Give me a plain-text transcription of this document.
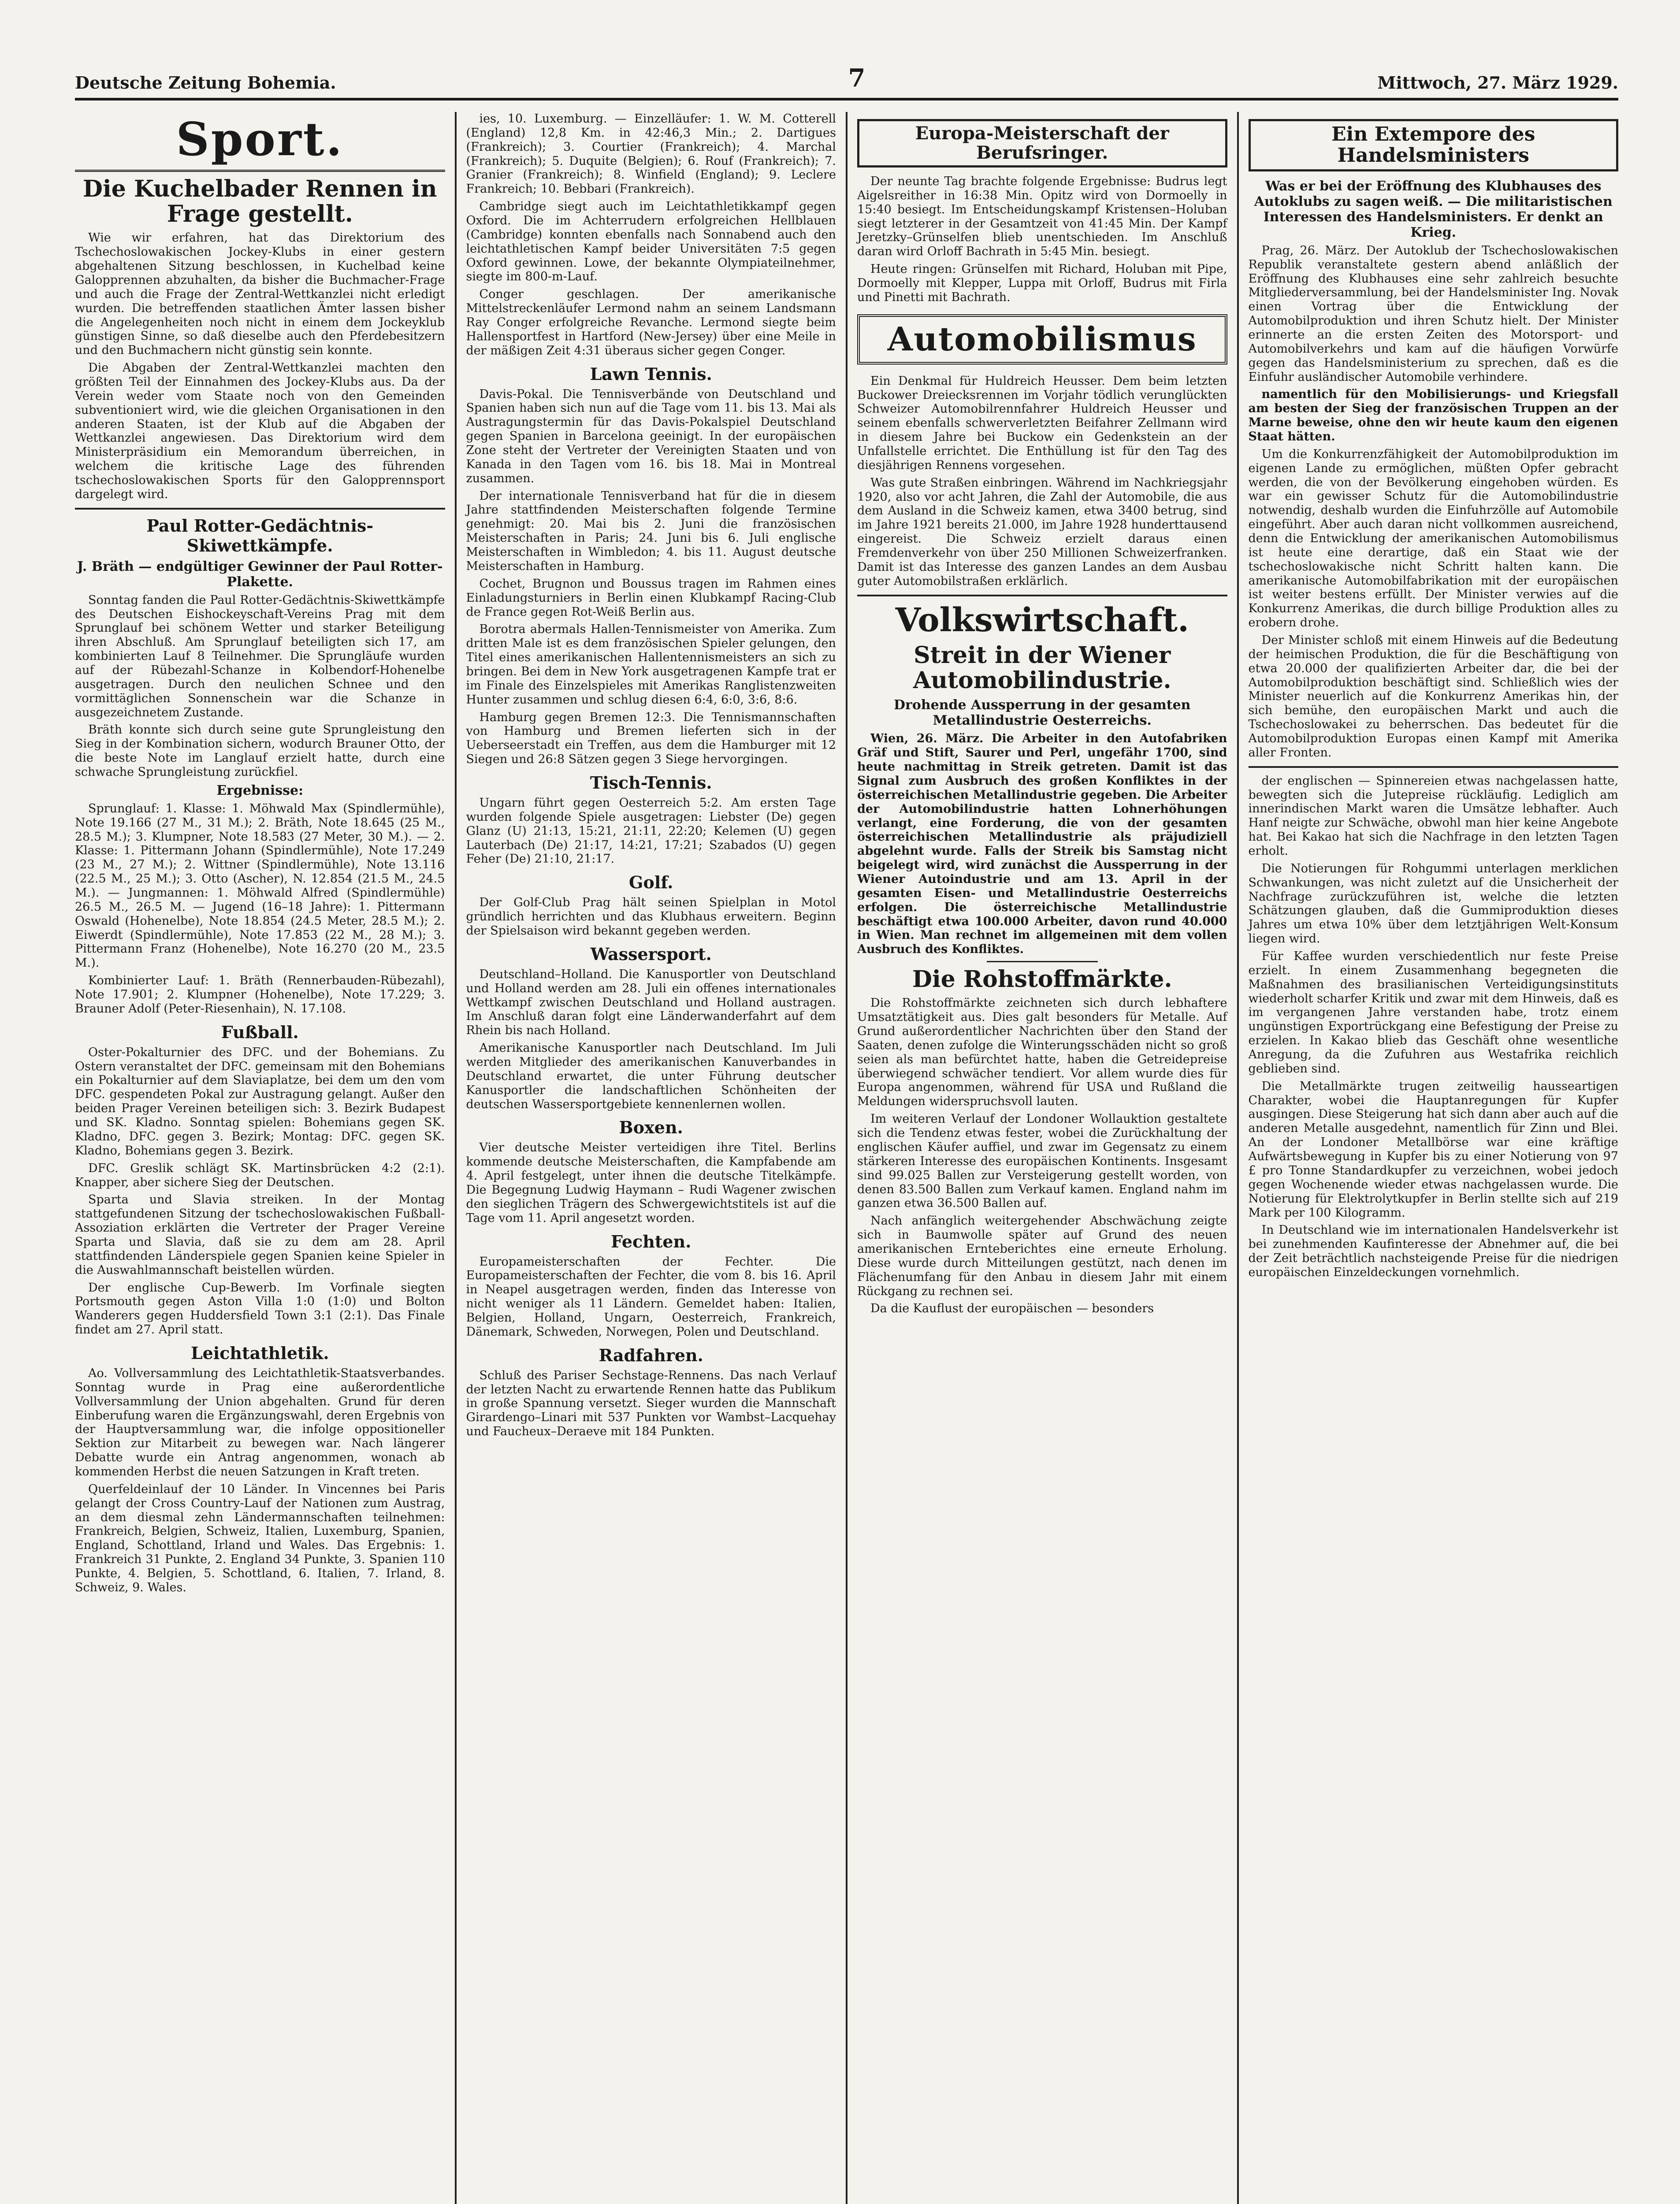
Deutsche Zeitung Bohemia.	7	Mittwoch, 27. März 1929.
Sport.
Die Kuchelbader Rennen in Frage gestellt.

Wie wir erfahren, hat das Direktorium des Tschechoslowakischen Jockey-Klubs in einer gestern abgehaltenen Sitzung beschlossen, in Kuchelbad keine Galopprennen abzuhalten, da bisher die Buchmacher-Frage und auch die Frage der Zentral-Wettkanzlei nicht erledigt wurden. Die betreffenden staatlichen Ämter lassen bisher die Angelegenheiten noch nicht in einem dem Jockeyklub günstigen Sinne, so daß dieselbe auch den Pferdebesitzern und den Buchmachern nicht günstig sein konnte.

Die Abgaben der Zentral-Wettkanzlei machten den größten Teil der Einnahmen des Jockey-Klubs aus. Da der Verein weder vom Staate noch von den Gemeinden subventioniert wird, wie die gleichen Organisationen in den anderen Staaten, ist der Klub auf die Abgaben der Wettkanzlei angewiesen. Das Direktorium wird dem Ministerpräsidium ein Memorandum überreichen, in welchem die kritische Lage des führenden tschechoslowakischen Sports für den Galopprennsport dargelegt wird.

Paul Rotter-Gedächtnis-Skiwettkämpfe.
J. Bräth — endgültiger Gewinner der Paul Rotter-Plakette.

Sonntag fanden die Paul Rotter-Gedächtnis-Skiwettkämpfe des Deutschen Eishockeyschaft-Vereins Prag mit dem Sprunglauf bei schönem Wetter und starker Beteiligung ihren Abschluß. Am Sprunglauf beteiligten sich 17, am kombinierten Lauf 8 Teilnehmer. Die Sprungläufe wurden auf der Rübezahl-Schanze in Kolbendorf-Hohenelbe ausgetragen. Durch den neulichen Schnee und den vormittäglichen Sonnenschein war die Schanze in ausgezeichnetem Zustande.

Bräth konnte sich durch seine gute Sprungleistung den Sieg in der Kombination sichern, wodurch Brauner Otto, der die beste Note im Langlauf erzielt hatte, durch eine schwache Sprungleistung zurückfiel.

Ergebnisse:

Sprunglauf: 1. Klasse: 1. Möhwald Max (Spindlermühle), Note 19.166 (27 M., 31 M.); 2. Bräth, Note 18.645 (25 M., 28.5 M.); 3. Klumpner, Note 18.583 (27 Meter, 30 M.). — 2. Klasse: 1. Pittermann Johann (Spindlermühle), Note 17.249 (23 M., 27 M.); 2. Wittner (Spindlermühle), Note 13.116 (22.5 M., 25 M.); 3. Otto (Ascher), N. 12.854 (21.5 M., 24.5 M.). — Jungmannen: 1. Möhwald Alfred (Spindlermühle) 26.5 M., 26.5 M. — Jugend (16–18 Jahre): 1. Pittermann Oswald (Hohenelbe), Note 18.854 (24.5 Meter, 28.5 M.); 2. Eiwerdt (Spindlermühle), Note 17.853 (22 M., 28 M.); 3. Pittermann Franz (Hohenelbe), Note 16.270 (20 M., 23.5 M.).

Kombinierter Lauf: 1. Bräth (Rennerbauden-Rübezahl), Note 17.901; 2. Klumpner (Hohenelbe), Note 17.229; 3. Brauner Adolf (Peter-Riesenhain), N. 17.108.

Fußball.

Oster-Pokalturnier des DFC. und der Bohemians. Zu Ostern veranstaltet der DFC. gemeinsam mit den Bohemians ein Pokalturnier auf dem Slaviaplatze, bei dem um den vom DFC. gespendeten Pokal zur Austragung gelangt. Außer den beiden Prager Vereinen beteiligen sich: 3. Bezirk Budapest und SK. Kladno. Sonntag spielen: Bohemians gegen SK. Kladno, DFC. gegen 3. Bezirk; Montag: DFC. gegen SK. Kladno, Bohemians gegen 3. Bezirk.

DFC. Greslik schlägt SK. Martinsbrücken 4:2 (2:1). Knapper, aber sichere Sieg der Deutschen.

Sparta und Slavia streiken. In der Montag stattgefundenen Sitzung der tschechoslowakischen Fußball-Assoziation erklärten die Vertreter der Prager Vereine Sparta und Slavia, daß sie zu dem am 28. April stattfindenden Länderspiele gegen Spanien keine Spieler in die Auswahlmannschaft beistellen würden.

Der englische Cup-Bewerb. Im Vorfinale siegten Portsmouth gegen Aston Villa 1:0 (1:0) und Bolton Wanderers gegen Huddersfield Town 3:1 (2:1). Das Finale findet am 27. April statt.

Leichtathletik.

Ao. Vollversammlung des Leichtathletik-Staatsverbandes. Sonntag wurde in Prag eine außerordentliche Vollversammlung der Union abgehalten. Grund für deren Einberufung waren die Ergänzungswahl, deren Ergebnis von der Hauptversammlung war, die infolge oppositioneller Sektion zur Mitarbeit zu bewegen war. Nach längerer Debatte wurde ein Antrag angenommen, wonach ab kommenden Herbst die neuen Satzungen in Kraft treten.

Querfeldeinlauf der 10 Länder. In Vincennes bei Paris gelangt der Cross Country-Lauf der Nationen zum Austrag, an dem diesmal zehn Ländermannschaften teilnehmen: Frankreich, Belgien, Schweiz, Italien, Luxemburg, Spanien, England, Schottland, Irland und Wales. Das Ergebnis: 1. Frankreich 31 Punkte, 2. England 34 Punkte, 3. Spanien 110 Punkte, 4. Belgien, 5. Schottland, 6. Italien, 7. Irland, 8. Schweiz, 9. Wales.

ies, 10. Luxemburg. — Einzelläufer: 1. W. M. Cotterell (England) 12,8 Km. in 42:46,3 Min.; 2. Dartigues (Frankreich); 3. Courtier (Frankreich); 4. Marchal (Frankreich); 5. Duquite (Belgien); 6. Rouf (Frankreich); 7. Granier (Frankreich); 8. Winfield (England); 9. Leclere Frankreich; 10. Bebbari (Frankreich).

Cambridge siegt auch im Leichtathletikkampf gegen Oxford. Die im Achterrudern erfolgreichen Hellblauen (Cambridge) konnten ebenfalls nach Sonnabend auch den leichtathletischen Kampf beider Universitäten 7:5 gegen Oxford gewinnen. Lowe, der bekannte Olympiateilnehmer, siegte im 800-m-Lauf.

Conger geschlagen. Der amerikanische Mittelstreckenläufer Lermond nahm an seinem Landsmann Ray Conger erfolgreiche Revanche. Lermond siegte beim Hallensportfest in Hartford (New-Jersey) über eine Meile in der mäßigen Zeit 4:31 überaus sicher gegen Conger.

Lawn Tennis.

Davis-Pokal. Die Tennisverbände von Deutschland und Spanien haben sich nun auf die Tage vom 11. bis 13. Mai als Austragungstermin für das Davis-Pokalspiel Deutschland gegen Spanien in Barcelona geeinigt. In der europäischen Zone steht der Vertreter der Vereinigten Staaten und von Kanada in den Tagen vom 16. bis 18. Mai in Montreal zusammen.

Der internationale Tennisverband hat für die in diesem Jahre stattfindenden Meisterschaften folgende Termine genehmigt: 20. Mai bis 2. Juni die französischen Meisterschaften in Paris; 24. Juni bis 6. Juli englische Meisterschaften in Wimbledon; 4. bis 11. August deutsche Meisterschaften in Hamburg.

Cochet, Brugnon und Boussus tragen im Rahmen eines Einladungsturniers in Berlin einen Klubkampf Racing-Club de France gegen Rot-Weiß Berlin aus.

Borotra abermals Hallen-Tennismeister von Amerika. Zum dritten Male ist es dem französischen Spieler gelungen, den Titel eines amerikanischen Hallentennismeisters an sich zu bringen. Bei dem in New York ausgetragenen Kampfe trat er im Finale des Einzelspieles mit Amerikas Ranglistenzweiten Hunter zusammen und schlug diesen 6:4, 6:0, 3:6, 8:6.

Hamburg gegen Bremen 12:3. Die Tennismannschaften von Hamburg und Bremen lieferten sich in der Ueberseerstadt ein Treffen, aus dem die Hamburger mit 12 Siegen und 26:8 Sätzen gegen 3 Siege hervorgingen.

Tisch-Tennis.

Ungarn führt gegen Oesterreich 5:2. Am ersten Tage wurden folgende Spiele ausgetragen: Liebster (De) gegen Glanz (U) 21:13, 15:21, 21:11, 22:20; Kelemen (U) gegen Lauterbach (De) 21:17, 14:21, 17:21; Szabados (U) gegen Feher (De) 21:10, 21:17.

Golf.

Der Golf-Club Prag hält seinen Spielplan in Motol gründlich herrichten und das Klubhaus erweitern. Beginn der Spielsaison wird bekannt gegeben werden.

Wassersport.

Deutschland–Holland. Die Kanusportler von Deutschland und Holland werden am 28. Juli ein offenes internationales Wettkampf zwischen Deutschland und Holland austragen. Im Anschluß daran folgt eine Länderwanderfahrt auf dem Rhein bis nach Holland.

Amerikanische Kanusportler nach Deutschland. Im Juli werden Mitglieder des amerikanischen Kanuverbandes in Deutschland erwartet, die unter Führung deutscher Kanusportler die landschaftlichen Schönheiten der deutschen Wassersportgebiete kennenlernen wollen.

Boxen.

Vier deutsche Meister verteidigen ihre Titel. Berlins kommende deutsche Meisterschaften, die Kampfabende am 4. April festgelegt, unter ihnen die deutsche Titelkämpfe. Die Begegnung Ludwig Haymann – Rudi Wagener zwischen den sieglichen Trägern des Schwergewichtstitels ist auf die Tage vom 11. April angesetzt worden.

Fechten.

Europameisterschaften der Fechter. Die Europameisterschaften der Fechter, die vom 8. bis 16. April in Neapel ausgetragen werden, finden das Interesse von nicht weniger als 11 Ländern. Gemeldet haben: Italien, Belgien, Holland, Ungarn, Oesterreich, Frankreich, Dänemark, Schweden, Norwegen, Polen und Deutschland.

Radfahren.

Schluß des Pariser Sechstage-Rennens. Das nach Verlauf der letzten Nacht zu erwartende Rennen hatte das Publikum in große Spannung versetzt. Sieger wurden die Mannschaft Girardengo–Linari mit 537 Punkten vor Wambst–Lacquehay und Faucheux–Deraeve mit 184 Punkten.

Europa-Meisterschaft der Berufsringer.

Der neunte Tag brachte folgende Ergebnisse: Budrus legt Aigelsreither in 16:38 Min. Opitz wird von Dormoelly in 15:40 besiegt. Im Entscheidungskampf Kristensen–Holuban siegt letzterer in der Gesamtzeit von 41:45 Min. Der Kampf Jeretzky–Grünselfen blieb unentschieden. Im Anschluß daran wird Orloff Bachrath in 5:45 Min. besiegt.

Heute ringen: Grünselfen mit Richard, Holuban mit Pipe, Dormoelly mit Klepper, Luppa mit Orloff, Budrus mit Firla und Pinetti mit Bachrath.

Automobilismus

Ein Denkmal für Huldreich Heusser. Dem beim letzten Buckower Dreiecksrennen im Vorjahr tödlich verunglückten Schweizer Automobilrennfahrer Huldreich Heusser und seinem ebenfalls schwerverletzten Beifahrer Zellmann wird in diesem Jahre bei Buckow ein Gedenkstein an der Unfallstelle errichtet. Die Enthüllung ist für den Tag des diesjährigen Rennens vorgesehen.

Was gute Straßen einbringen. Während im Nachkriegsjahr 1920, also vor acht Jahren, die Zahl der Automobile, die aus dem Ausland in die Schweiz kamen, etwa 3400 betrug, sind im Jahre 1921 bereits 21.000, im Jahre 1928 hunderttausend eingereist. Die Schweiz erzielt daraus einen Fremdenverkehr von über 250 Millionen Schweizerfranken. Damit ist das Interesse des ganzen Landes an dem Ausbau guter Automobilstraßen erklärlich.

Volkswirtschaft.
Streit in der Wiener Automobilindustrie.
Drohende Aussperrung in der gesamten Metallindustrie Oesterreichs.

Wien, 26. März. Die Arbeiter in den Autofabriken Gräf und Stift, Saurer und Perl, ungefähr 1700, sind heute nachmittag in Streik getreten. Damit ist das Signal zum Ausbruch des großen Konfliktes in der österreichischen Metallindustrie gegeben. Die Arbeiter der Automobilindustrie hatten Lohnerhöhungen verlangt, eine Forderung, die von der gesamten österreichischen Metallindustrie als präjudiziell abgelehnt wurde. Falls der Streik bis Samstag nicht beigelegt wird, wird zunächst die Aussperrung in der Wiener Autoindustrie und am 13. April in der gesamten Eisen- und Metallindustrie Oesterreichs erfolgen. Die österreichische Metallindustrie beschäftigt etwa 100.000 Arbeiter, davon rund 40.000 in Wien. Man rechnet im allgemeinen mit dem vollen Ausbruch des Konfliktes.

Die Rohstoffmärkte.

Die Rohstoffmärkte zeichneten sich durch lebhaftere Umsatztätigkeit aus. Dies galt besonders für Metalle. Auf Grund außerordentlicher Nachrichten über den Stand der Saaten, denen zufolge die Winterungsschäden nicht so groß seien als man befürchtet hatte, haben die Getreidepreise überwiegend schwächer tendiert. Vor allem wurde dies für Europa angenommen, während für USA und Rußland die Meldungen widerspruchsvoll lauten.

Im weiteren Verlauf der Londoner Wollauktion gestaltete sich die Tendenz etwas fester, wobei die Zurückhaltung der englischen Käufer auffiel, und zwar im Gegensatz zu einem stärkeren Interesse des europäischen Kontinents. Insgesamt sind 99.025 Ballen zur Versteigerung gestellt worden, von denen 83.500 Ballen zum Verkauf kamen. England nahm im ganzen etwa 36.500 Ballen auf.

Nach anfänglich weitergehender Abschwächung zeigte sich in Baumwolle später auf Grund des neuen amerikanischen Ernteberichtes eine erneute Erholung. Diese wurde durch Mitteilungen gestützt, nach denen im Flächenumfang für den Anbau in diesem Jahr mit einem Rückgang zu rechnen sei.

Da die Kauflust der europäischen — besonders

Ein Extempore des Handelsministers
Was er bei der Eröffnung des Klubhauses des Autoklubs zu sagen weiß. — Die militaristischen Interessen des Handelsministers. Er denkt an Krieg.

Prag, 26. März. Der Autoklub der Tschechoslowakischen Republik veranstaltete gestern abend anläßlich der Eröffnung des Klubhauses eine sehr zahlreich besuchte Mitgliederversammlung, bei der Handelsminister Ing. Novak einen Vortrag über die Entwicklung der Automobilproduktion und ihren Schutz hielt. Der Minister erinnerte an die ersten Zeiten des Motorsport- und Automobilverkehrs und kam auf die häufigen Vorwürfe gegen das Handelsministerium zu sprechen, daß es die Einfuhr ausländischer Automobile verhindere.

namentlich für den Mobilisierungs- und Kriegsfall am besten der Sieg der französischen Truppen an der Marne beweise, ohne den wir heute kaum den eigenen Staat hätten.

Um die Konkurrenzfähigkeit der Automobilproduktion im eigenen Lande zu ermöglichen, müßten Opfer gebracht werden, die von der Bevölkerung eingehoben würden. Es war ein gewisser Schutz für die Automobilindustrie notwendig, deshalb wurden die Einfuhrzölle auf Automobile eingeführt. Aber auch daran nicht vollkommen ausreichend, denn die Entwicklung der amerikanischen Automobilismus ist heute eine derartige, daß ein Staat wie der tschechoslowakische nicht Schritt halten kann. Die amerikanische Automobilfabrikation mit der europäischen ist weiter bestens erfüllt. Der Minister verwies auf die Konkurrenz Amerikas, die durch billige Produktion alles zu erobern drohe.

Der Minister schloß mit einem Hinweis auf die Bedeutung der heimischen Produktion, die für die Beschäftigung von etwa 20.000 der qualifizierten Arbeiter dar, die bei der Automobilproduktion beschäftigt sind. Schließlich wies der Minister neuerlich auf die Konkurrenz Amerikas hin, der sich bemühe, den europäischen Markt und auch die Tschechoslowakei zu beherrschen. Das bedeutet für die Automobilproduktion Europas einen Kampf mit Amerika aller Fronten.

der englischen — Spinnereien etwas nachgelassen hatte, bewegten sich die Jutepreise rückläufig. Lediglich am innerindischen Markt waren die Umsätze lebhafter. Auch Hanf neigte zur Schwäche, obwohl man hier keine Angebote hat. Bei Kakao hat sich die Nachfrage in den letzten Tagen erholt.

Die Notierungen für Rohgummi unterlagen merklichen Schwankungen, was nicht zuletzt auf die Unsicherheit der Nachfrage zurückzuführen ist, welche die letzten Schätzungen glauben, daß die Gummiproduktion dieses Jahres um etwa 10% über dem letztjährigen Welt-Konsum liegen wird.

Für Kaffee wurden verschiedentlich nur feste Preise erzielt. In einem Zusammenhang begegneten die Maßnahmen des brasilianischen Verteidigungsinstituts wiederholt scharfer Kritik und zwar mit dem Hinweis, daß es im vergangenen Jahre verstanden habe, trotz einem ungünstigen Exportrückgang eine Befestigung der Preise zu erzielen. In Kakao blieb das Geschäft ohne wesentliche Anregung, da die Zufuhren aus Westafrika reichlich geblieben sind.

Die Metallmärkte trugen zeitweilig hausseartigen Charakter, wobei die Hauptanregungen für Kupfer ausgingen. Diese Steigerung hat sich dann aber auch auf die anderen Metalle ausgedehnt, namentlich für Zinn und Blei. An der Londoner Metallbörse war eine kräftige Aufwärtsbewegung in Kupfer bis zu einer Notierung von 97 £ pro Tonne Standardkupfer zu verzeichnen, wobei jedoch gegen Wochenende wieder etwas nachgelassen wurde. Die Notierung für Elektrolytkupfer in Berlin stellte sich auf 219 Mark per 100 Kilogramm.

In Deutschland wie im internationalen Handelsverkehr ist bei zunehmenden Kaufinteresse der Abnehmer auf, die bei der Zeit beträchtlich nachsteigende Preise für die niedrigen europäischen Einzeldeckungen vornehmlich.
